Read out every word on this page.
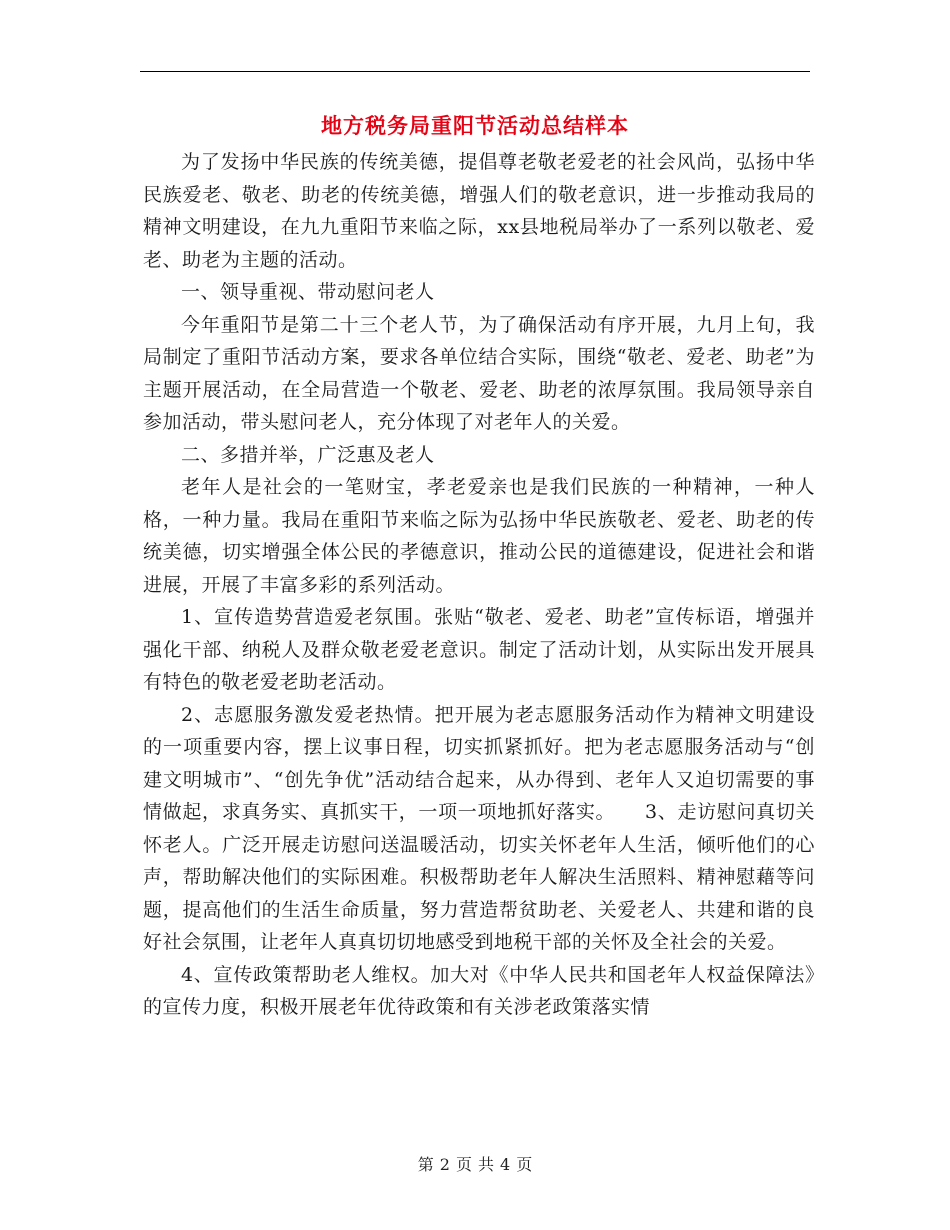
地方税务局重阳节活动总结样本

为了发扬中华民族的传统美德，提倡尊老敬老爱老的社会风尚，弘扬中华民族爱老、敬老、助老的传统美德，增强人们的敬老意识，进一步推动我局的精神文明建设，在九九重阳节来临之际，xx县地税局举办了一系列以敬老、爱老、助老为主题的活动。

一、领导重视、带动慰问老人

今年重阳节是第二十三个老人节，为了确保活动有序开展，九月上旬，我局制定了重阳节活动方案，要求各单位结合实际，围绕“敬老、爱老、助老”为主题开展活动，在全局营造一个敬老、爱老、助老的浓厚氛围。我局领导亲自参加活动，带头慰问老人，充分体现了对老年人的关爱。

二、多措并举，广泛惠及老人

老年人是社会的一笔财宝，孝老爱亲也是我们民族的一种精神，一种人格，一种力量。我局在重阳节来临之际为弘扬中华民族敬老、爱老、助老的传统美德，切实增强全体公民的孝德意识，推动公民的道德建设，促进社会和谐进展，开展了丰富多彩的系列活动。

1、宣传造势营造爱老氛围。张贴“敬老、爱老、助老”宣传标语，增强并强化干部、纳税人及群众敬老爱老意识。制定了活动计划，从实际出发开展具有特色的敬老爱老助老活动。

2、志愿服务激发爱老热情。把开展为老志愿服务活动作为精神文明建设的一项重要内容，摆上议事日程，切实抓紧抓好。把为老志愿服务活动与“创建文明城市”、“创先争优”活动结合起来，从办得到、老年人又迫切需要的事情做起，求真务实、真抓实干，一项一项地抓好落实。　　3、走访慰问真切关怀老人。广泛开展走访慰问送温暖活动，切实关怀老年人生活，倾听他们的心声，帮助解决他们的实际困难。积极帮助老年人解决生活照料、精神慰藉等问题，提高他们的生活生命质量，努力营造帮贫助老、关爱老人、共建和谐的良好社会氛围，让老年人真真切切地感受到地税干部的关怀及全社会的关爱。

4、宣传政策帮助老人维权。加大对《中华人民共和国老年人权益保障法》的宣传力度，积极开展老年优待政策和有关涉老政策落实情

第 2 页 共 4 页
